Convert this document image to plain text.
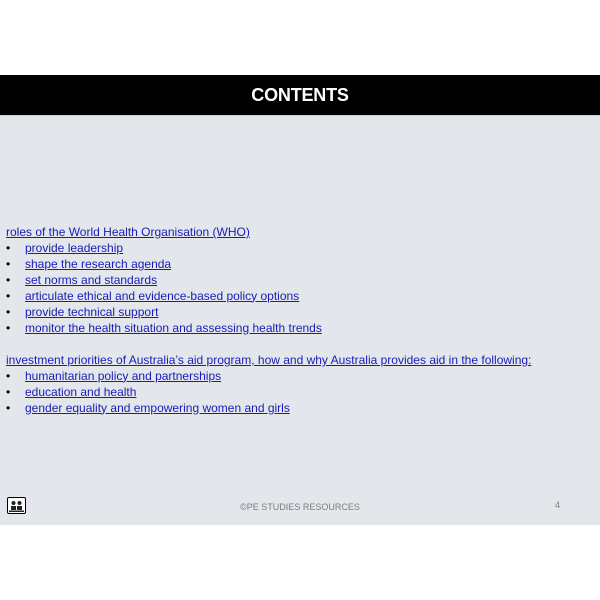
CONTENTS
roles of the World Health Organisation (WHO)
•	provide leadership
•	shape the research agenda
•	set norms and standards
•	articulate ethical and evidence-based policy options
•	provide technical support
•	monitor the health situation and assessing health trends
investment priorities of Australia’s aid program, how and why Australia provides aid in the following:
•	humanitarian policy and partnerships
•	education and health
•	gender equality and empowering women and girls
©PE STUDIES RESOURCES	4
